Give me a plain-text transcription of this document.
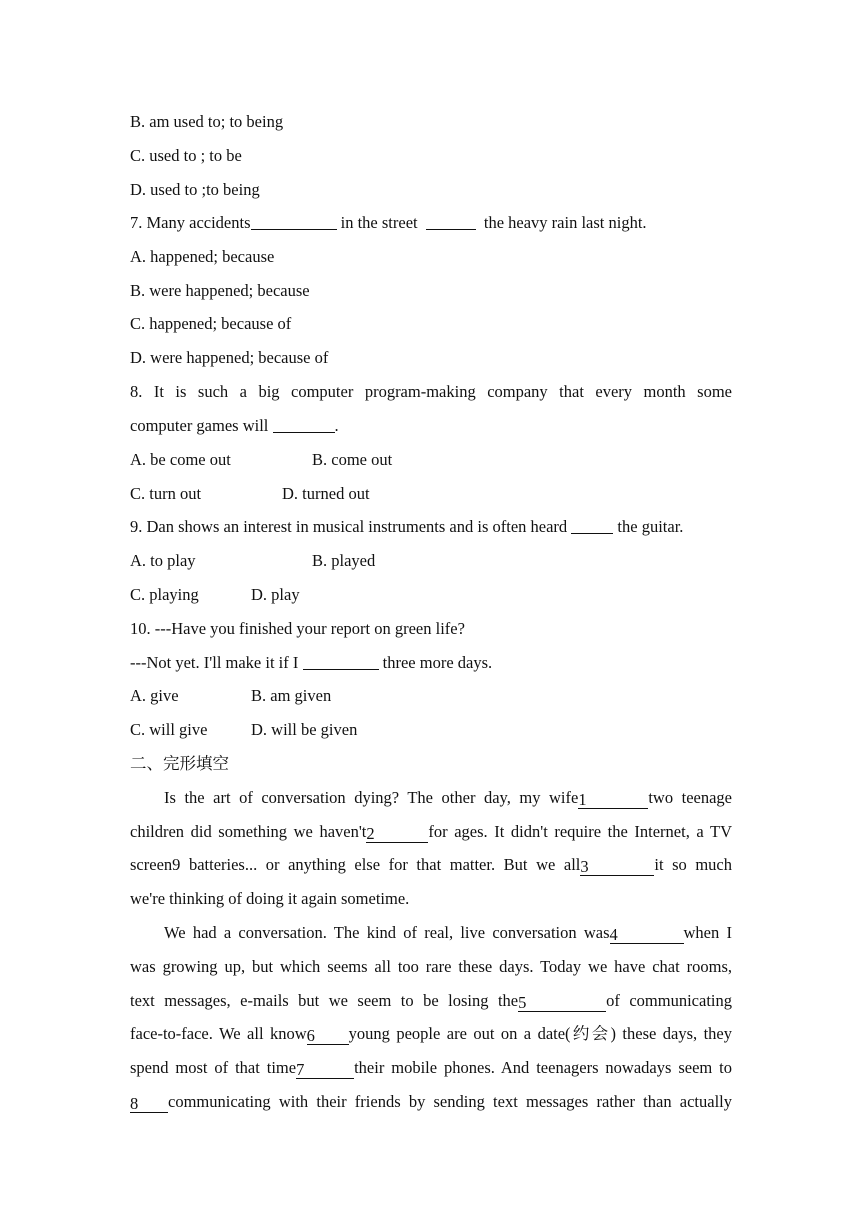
B. am used to; to being
C. used to ; to be
D. used to ;to being
7. Many accidents	in the street	the heavy rain last night.
A. happened; because
B. were happened; because
C. happened; because of
D. were happened; because of
8. It is such a big computer program-making company that every month some
computer games will	.
A. be come out	B. come out
C. turn out	D. turned out
9. Dan shows an interest in musical instruments and is often heard	the guitar.
A. to play	B. played
C. playing	D. play
10. ---Have you finished your report on green life?
---Not yet. I'll make it if I	three more days.
A. give	B. am given
C. will give	D. will be given
二、完形填空
Is the art of conversation dying? The other day, my wife1	two teenage
children did something we haven't2	for ages. It didn't require the Internet, a TV
screen9 batteries... or anything else for that matter. But we all3	it so much
we're thinking of doing it again sometime.
We had a conversation. The kind of real, live conversation was4	when I
was growing up, but which seems all too rare these days. Today we have chat rooms,
text messages, e-mails but we seem to be losing the5	of communicating
face-to-face. We all know6 young people are out on a date(约会) these days, they
spend most of that time7	their mobile phones. And teenagers nowadays seem to
8 communicating with their friends by sending text messages rather than actually
